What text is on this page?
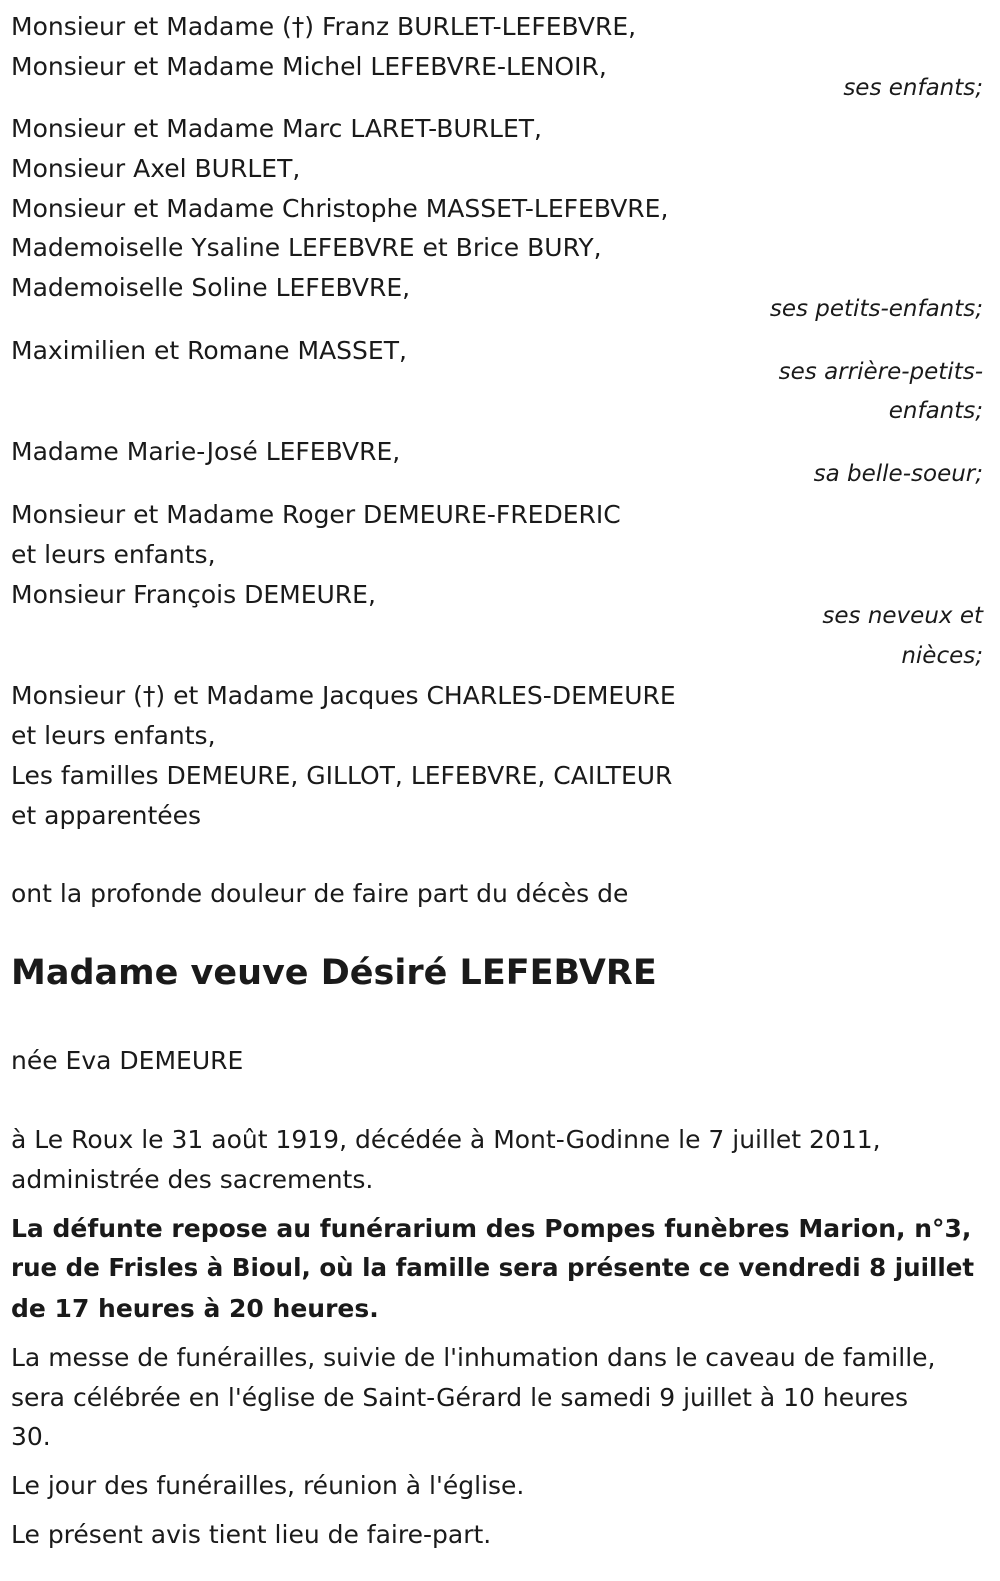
Monsieur et Madame (†) Franz BURLET-LEFEBVRE,
Monsieur et Madame Michel LEFEBVRE-LENOIR,
ses enfants;
Monsieur et Madame Marc LARET-BURLET,
Monsieur Axel BURLET,
Monsieur et Madame Christophe MASSET-LEFEBVRE,
Mademoiselle Ysaline LEFEBVRE et Brice BURY,
Mademoiselle Soline LEFEBVRE,
ses petits-enfants;
Maximilien et Romane MASSET,
ses arrière-petits-
enfants;
Madame Marie-José LEFEBVRE,
sa belle-soeur;
Monsieur et Madame Roger DEMEURE-FREDERIC
et leurs enfants,
Monsieur François DEMEURE,
ses neveux et
nièces;
Monsieur (†) et Madame Jacques CHARLES-DEMEURE
et leurs enfants,
Les familles DEMEURE, GILLOT, LEFEBVRE, CAILTEUR
et apparentées
ont la profonde douleur de faire part du décès de
Madame veuve Désiré LEFEBVRE
née Eva DEMEURE
à Le Roux le 31 août 1919, décédée à Mont-Godinne le 7 juillet 2011,
administrée des sacrements.
La défunte repose au funérarium des Pompes funèbres Marion, n°3,
rue de Frisles à Bioul, où la famille sera présente ce vendredi 8 juillet
de 17 heures à 20 heures.
La messe de funérailles, suivie de l'inhumation dans le caveau de famille,
sera célébrée en l'église de Saint-Gérard le samedi 9 juillet à 10 heures
30.
Le jour des funérailles, réunion à l'église.
Le présent avis tient lieu de faire-part.
